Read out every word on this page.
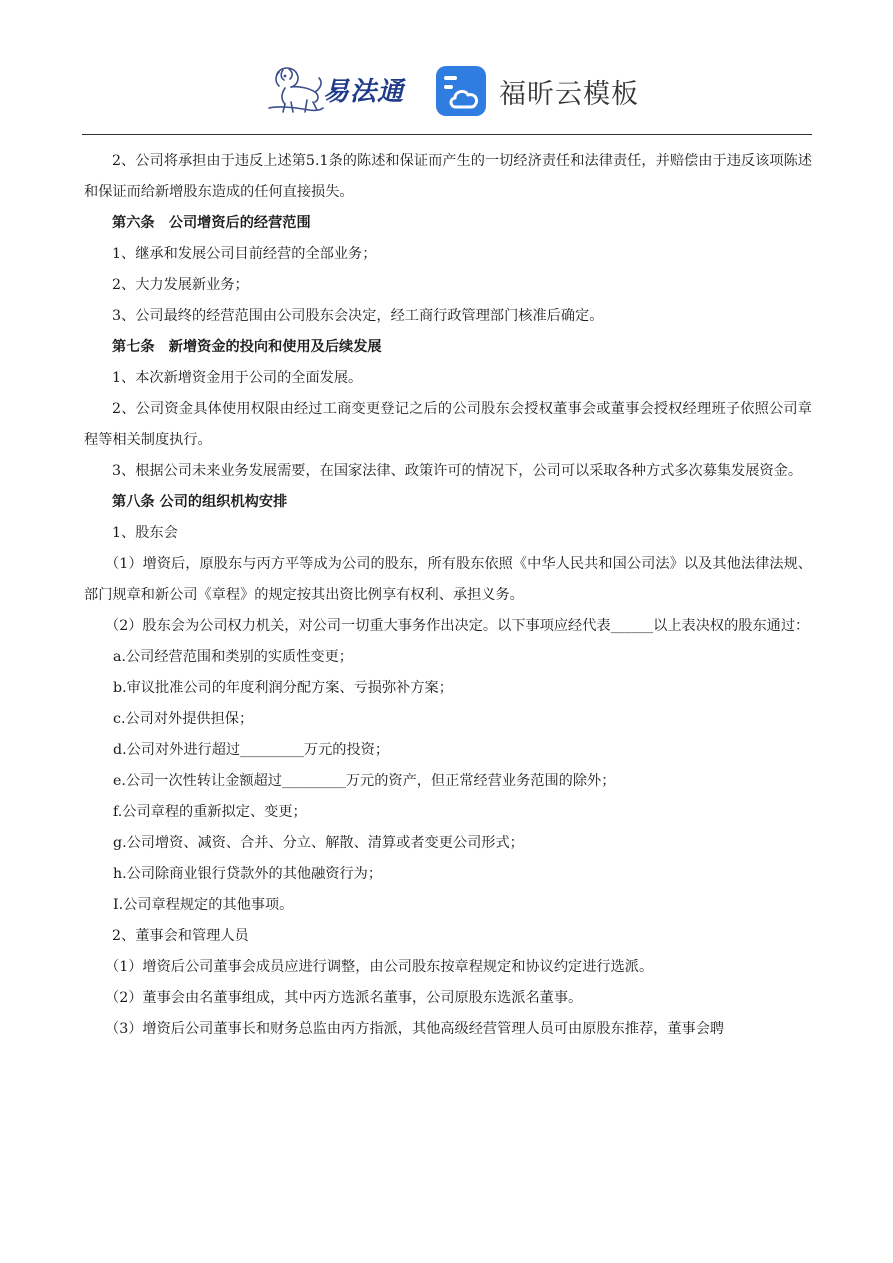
易法通	福昕云模板

2、公司将承担由于违反上述第5.1条的陈述和保证而产生的一切经济责任和法律责任，并赔偿由于违反该项陈述和保证而给新增股东造成的任何直接损失。

第六条　公司增资后的经营范围

1、继承和发展公司目前经营的全部业务；

2、大力发展新业务；

3、公司最终的经营范围由公司股东会决定，经工商行政管理部门核准后确定。

第七条　新增资金的投向和使用及后续发展

1、本次新增资金用于公司的全面发展。

2、公司资金具体使用权限由经过工商变更登记之后的公司股东会授权董事会或董事会授权经理班子依照公司章程等相关制度执行。

3、根据公司未来业务发展需要，在国家法律、政策许可的情况下，公司可以采取各种方式多次募集发展资金。

第八条 公司的组织机构安排

1、股东会

（1）增资后，原股东与丙方平等成为公司的股东，所有股东依照《中华人民共和国公司法》以及其他法律法规、部门规章和新公司《章程》的规定按其出资比例享有权利、承担义务。

（2）股东会为公司权力机关，对公司一切重大事务作出决定。以下事项应经代表______以上表决权的股东通过：

a.公司经营范围和类别的实质性变更；

b.审议批准公司的年度利润分配方案、亏损弥补方案；

c.公司对外提供担保；

d.公司对外进行超过_________万元的投资；

e.公司一次性转让金额超过_________万元的资产，但正常经营业务范围的除外；

f.公司章程的重新拟定、变更；

g.公司增资、减资、合并、分立、解散、清算或者变更公司形式；

h.公司除商业银行贷款外的其他融资行为；

I.公司章程规定的其他事项。

2、董事会和管理人员

（1）增资后公司董事会成员应进行调整，由公司股东按章程规定和协议约定进行选派。

（2）董事会由名董事组成，其中丙方选派名董事，公司原股东选派名董事。

（3）增资后公司董事长和财务总监由丙方指派，其他高级经营管理人员可由原股东推荐，董事会聘
